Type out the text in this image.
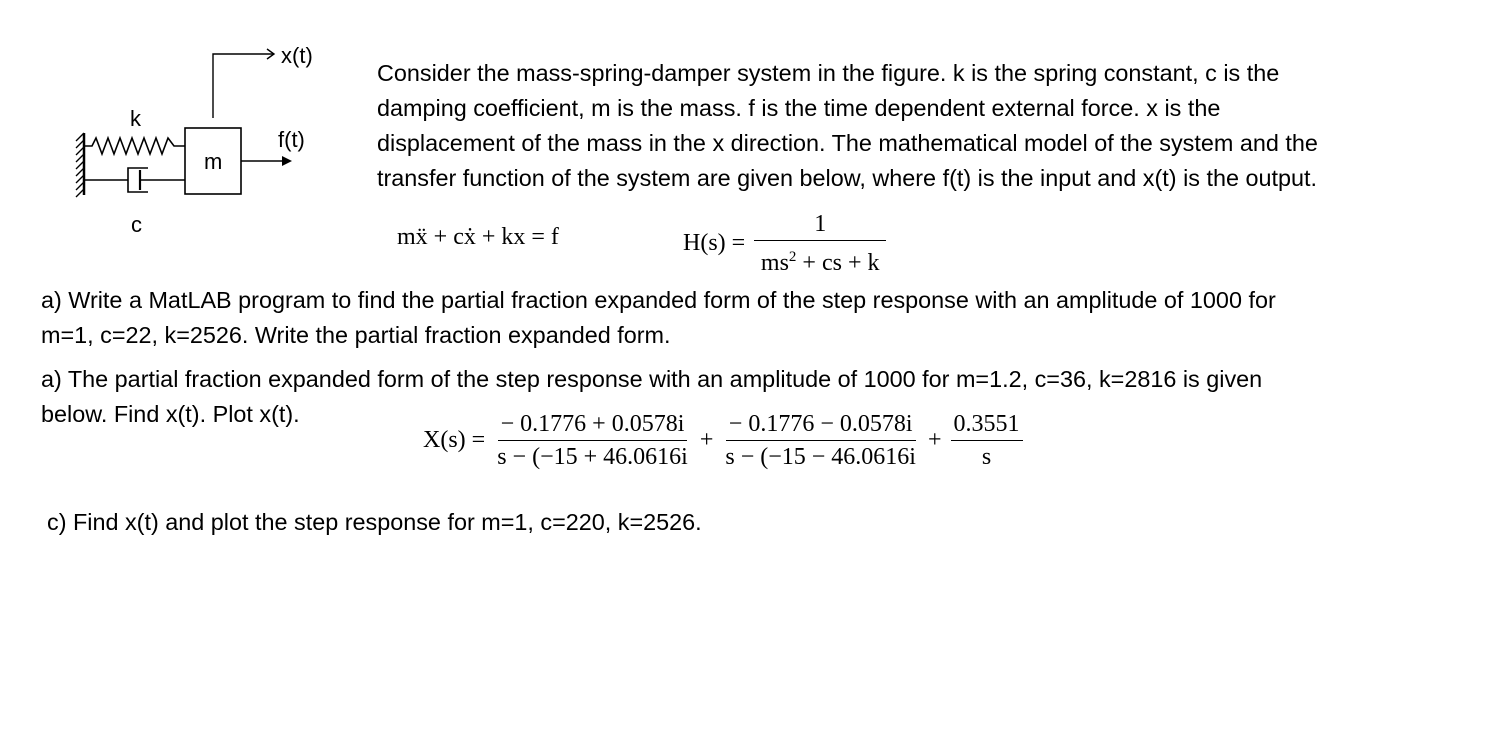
x(t)
k
f(t)
m
c

Consider the mass-spring-damper system in the figure. k is the spring constant, c is the

damping coefficient, m is the mass. f is the time dependent external force. x is the

displacement of the mass in the x direction. The mathematical model of the system and the

transfer function of the system are given below, where f(t) is the input and x(t) is the output.

mẍ + cẋ + kx = f	$H(s) = \frac{1}{ms^2 + cs + k}$

a) Write a MatLAB program to find the partial fraction expanded form of the step response with an amplitude of 1000 for

m=1, c=22, k=2526. Write the partial fraction expanded form.

a) The partial fraction expanded form of the step response with an amplitude of 1000 for m=1.2, c=36, k=2816 is given

below. Find x(t). Plot x(t).

$X(s) = \frac{- 0.1776 + 0.0578i}{s - (-15 + 46.0616i} + \frac{- 0.1776 - 0.0578i}{s - (-15 - 46.0616i} + \frac{0.3551}{s}$

c) Find x(t) and plot the step response for m=1, c=220, k=2526.
